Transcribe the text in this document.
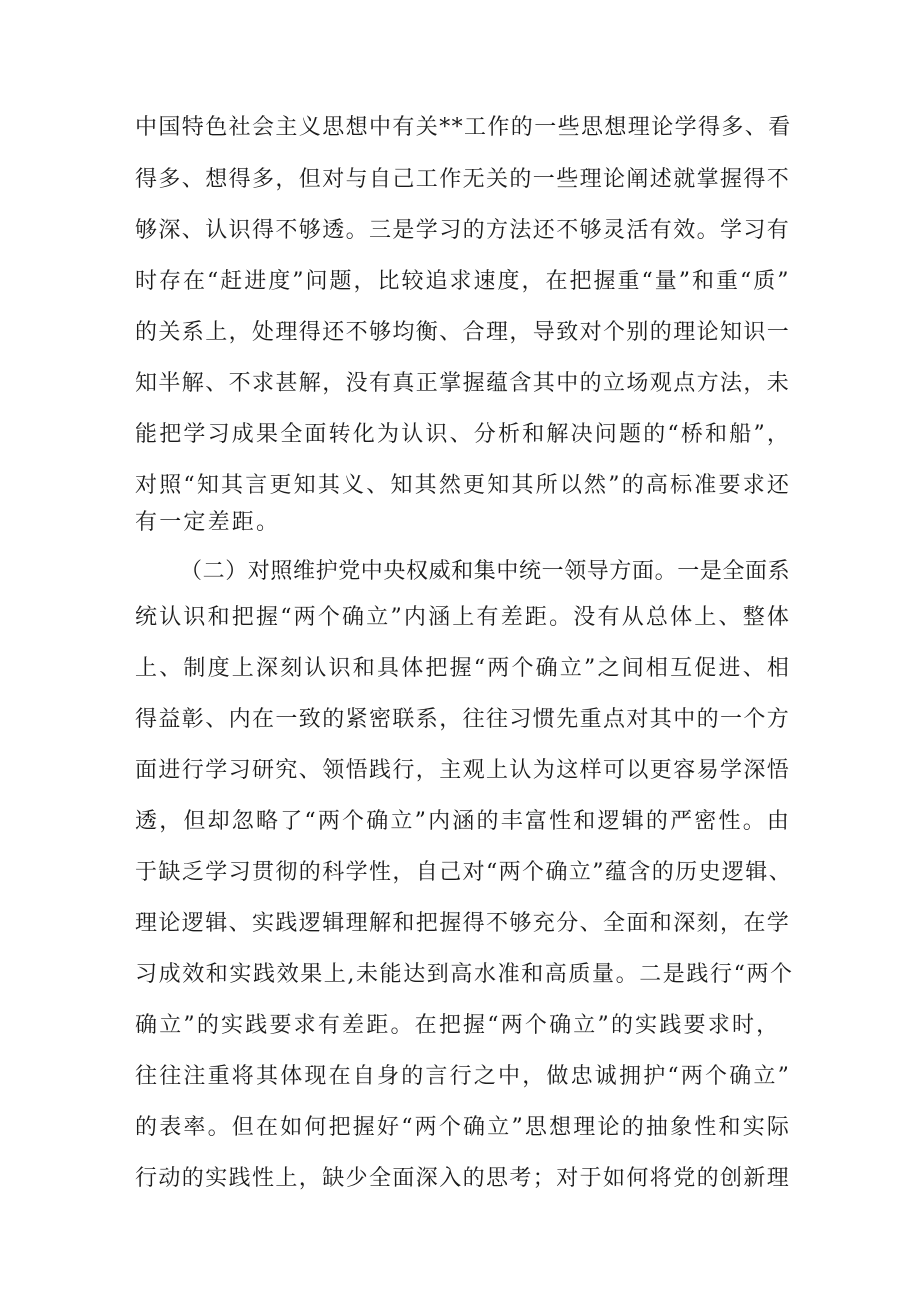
中国特色社会主义思想中有关**工作的一些思想理论学得多、看
得多、想得多，但对与自己工作无关的一些理论阐述就掌握得不
够深、认识得不够透。三是学习的方法还不够灵活有效。学习有
时存在“赶进度”问题，比较追求速度，在把握重“量”和重“质”
的关系上，处理得还不够均衡、合理，导致对个别的理论知识一
知半解、不求甚解，没有真正掌握蕴含其中的立场观点方法，未
能把学习成果全面转化为认识、分析和解决问题的“桥和船”，
对照“知其言更知其义、知其然更知其所以然”的高标准要求还
有一定差距。
（二）对照维护党中央权威和集中统一领导方面。一是全面系
统认识和把握“两个确立”内涵上有差距。没有从总体上、整体
上、制度上深刻认识和具体把握“两个确立”之间相互促进、相
得益彰、内在一致的紧密联系，往往习惯先重点对其中的一个方
面进行学习研究、领悟践行，主观上认为这样可以更容易学深悟
透，但却忽略了“两个确立”内涵的丰富性和逻辑的严密性。由
于缺乏学习贯彻的科学性，自己对“两个确立”蕴含的历史逻辑、
理论逻辑、实践逻辑理解和把握得不够充分、全面和深刻，在学
习成效和实践效果上,未能达到高水准和高质量。二是践行“两个
确立”的实践要求有差距。在把握“两个确立”的实践要求时，
往往注重将其体现在自身的言行之中，做忠诚拥护“两个确立”
的表率。但在如何把握好“两个确立”思想理论的抽象性和实际
行动的实践性上，缺少全面深入的思考；对于如何将党的创新理
